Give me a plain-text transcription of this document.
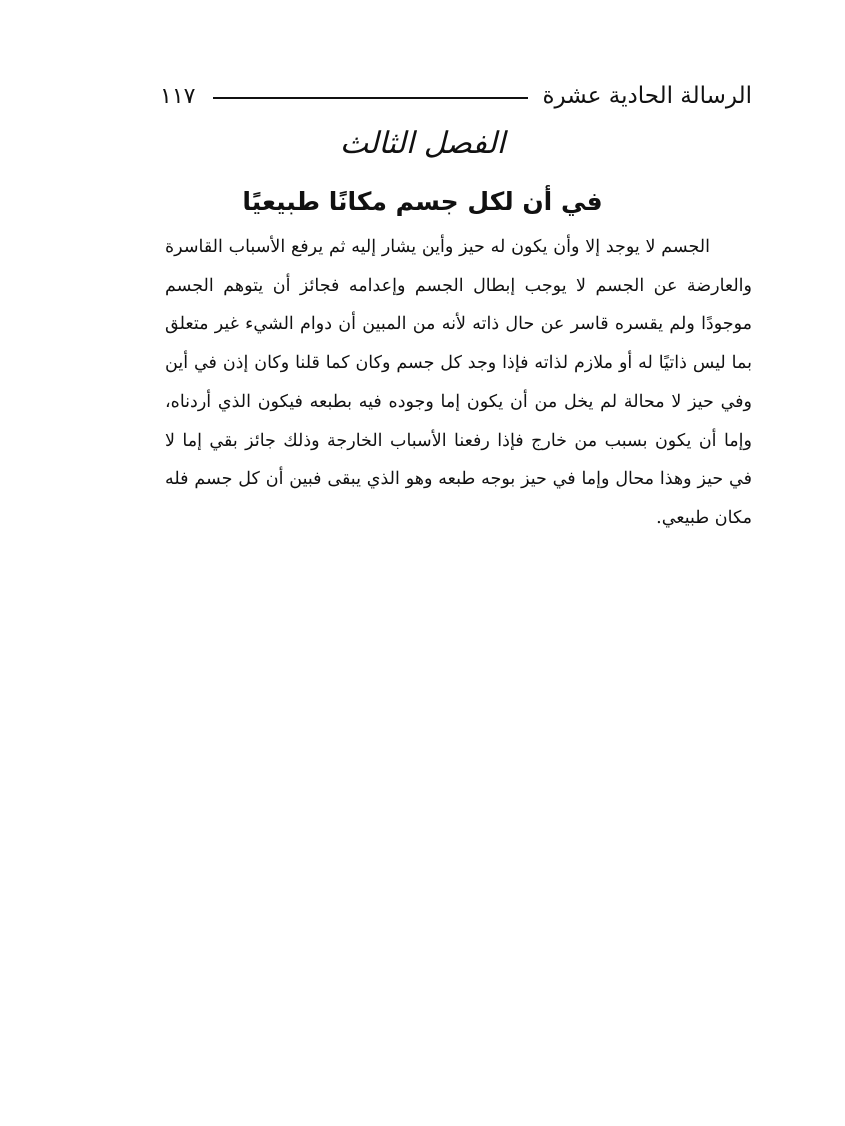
الرسالة الحادية عشرة
١١٧
الفصل الثالث
في أن لكل جسم مكانًا طبيعيًا

الجسم لا يوجد إلا وأن يكون له حيز وأين يشار إليه ثم يرفع الأسباب القاسرة والعارضة عن الجسم لا يوجب إبطال الجسم وإعدامه فجائز أن يتوهم الجسم موجودًا ولم يقسره قاسر عن حال ذاته لأنه من المبين أن دوام الشيء غير متعلق بما ليس ذاتيًا له أو ملازم لذاته فإذا وجد كل جسم وكان كما قلنا وكان إذن في أين وفي حيز لا محالة لم يخل من أن يكون إما وجوده فيه بطبعه فيكون الذي أردناه، وإما أن يكون بسبب من خارج فإذا رفعنا الأسباب الخارجة وذلك جائز بقي إما لا في حيز وهذا محال وإما في حيز بوجه طبعه وهو الذي يبقى فبين أن كل جسم فله مكان طبيعي.
